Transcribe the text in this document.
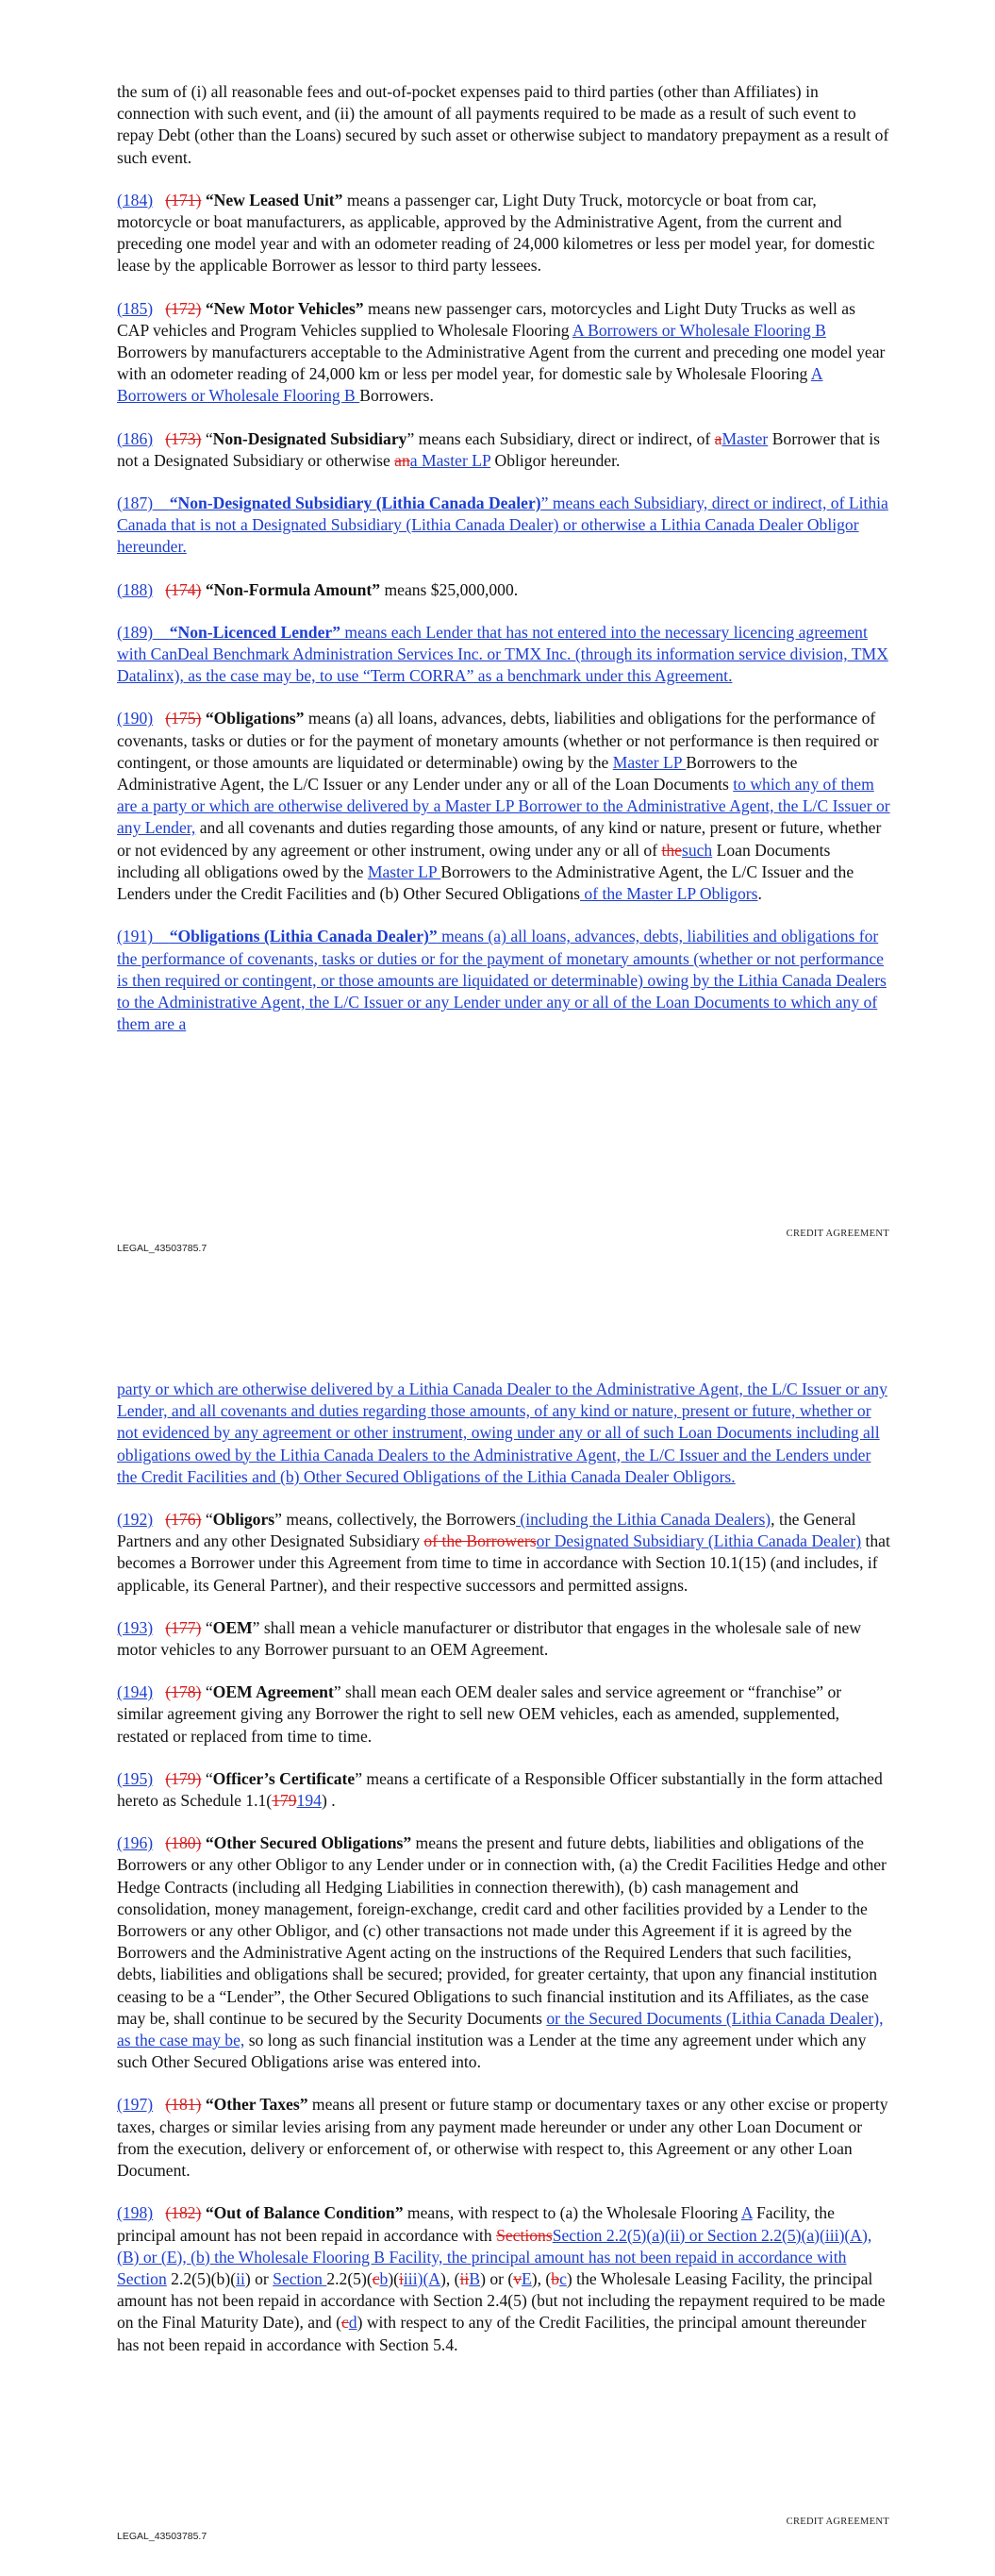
the sum of (i) all reasonable fees and out-of-pocket expenses paid to third parties (other than Affiliates) in connection with such event, and (ii) the amount of all payments required to be made as a result of such event to repay Debt (other than the Loans) secured by such asset or otherwise subject to mandatory prepayment as a result of such event.

(184) (171) “New Leased Unit” means a passenger car, Light Duty Truck, motorcycle or boat from car, motorcycle or boat manufacturers, as applicable, approved by the Administrative Agent, from the current and preceding one model year and with an odometer reading of 24,000 kilometres or less per model year, for domestic lease by the applicable Borrower as lessor to third party lessees.

(185) (172) “New Motor Vehicles” means new passenger cars, motorcycles and Light Duty Trucks as well as CAP vehicles and Program Vehicles supplied to Wholesale Flooring A Borrowers or Wholesale Flooring B Borrowers by manufacturers acceptable to the Administrative Agent from the current and preceding one model year with an odometer reading of 24,000 km or less per model year, for domestic sale by Wholesale Flooring A Borrowers or Wholesale Flooring B Borrowers.

(186) (173) “Non-Designated Subsidiary” means each Subsidiary, direct or indirect, of aMaster Borrower that is not a Designated Subsidiary or otherwise ana Master LP Obligor hereunder.

(187) “Non-Designated Subsidiary (Lithia Canada Dealer)” means each Subsidiary, direct or indirect, of Lithia Canada that is not a Designated Subsidiary (Lithia Canada Dealer) or otherwise a Lithia Canada Dealer Obligor hereunder.

(188) (174) “Non-Formula Amount” means $25,000,000.

(189) “Non-Licenced Lender” means each Lender that has not entered into the necessary licencing agreement with CanDeal Benchmark Administration Services Inc. or TMX Inc. (through its information service division, TMX Datalinx), as the case may be, to use “Term CORRA” as a benchmark under this Agreement.

(190) (175) “Obligations” means (a) all loans, advances, debts, liabilities and obligations for the performance of covenants, tasks or duties or for the payment of monetary amounts (whether or not performance is then required or contingent, or those amounts are liquidated or determinable) owing by the Master LP Borrowers to the Administrative Agent, the L/C Issuer or any Lender under any or all of the Loan Documents to which any of them are a party or which are otherwise delivered by a Master LP Borrower to the Administrative Agent, the L/C Issuer or any Lender, and all covenants and duties regarding those amounts, of any kind or nature, present or future, whether or not evidenced by any agreement or other instrument, owing under any or all of thesuch Loan Documents including all obligations owed by the Master LP Borrowers to the Administrative Agent, the L/C Issuer and the Lenders under the Credit Facilities and (b) Other Secured Obligations of the Master LP Obligors.

(191) “Obligations (Lithia Canada Dealer)” means (a) all loans, advances, debts, liabilities and obligations for the performance of covenants, tasks or duties or for the payment of monetary amounts (whether or not performance is then required or contingent, or those amounts are liquidated or determinable) owing by the Lithia Canada Dealers to the Administrative Agent, the L/C Issuer or any Lender under any or all of the Loan Documents to which any of them are a

CREDIT AGREEMENT
LEGAL_43503785.7

party or which are otherwise delivered by a Lithia Canada Dealer to the Administrative Agent, the L/C Issuer or any Lender, and all covenants and duties regarding those amounts, of any kind or nature, present or future, whether or not evidenced by any agreement or other instrument, owing under any or all of such Loan Documents including all obligations owed by the Lithia Canada Dealers to the Administrative Agent, the L/C Issuer and the Lenders under the Credit Facilities and (b) Other Secured Obligations of the Lithia Canada Dealer Obligors.

(192) (176) “Obligors” means, collectively, the Borrowers (including the Lithia Canada Dealers), the General Partners and any other Designated Subsidiary of the Borrowersor Designated Subsidiary (Lithia Canada Dealer) that becomes a Borrower under this Agreement from time to time in accordance with Section 10.1(15) (and includes, if applicable, its General Partner), and their respective successors and permitted assigns.

(193) (177) “OEM” shall mean a vehicle manufacturer or distributor that engages in the wholesale sale of new motor vehicles to any Borrower pursuant to an OEM Agreement.

(194) (178) “OEM Agreement” shall mean each OEM dealer sales and service agreement or “franchise” or similar agreement giving any Borrower the right to sell new OEM vehicles, each as amended, supplemented, restated or replaced from time to time.

(195) (179) “Officer’s Certificate” means a certificate of a Responsible Officer substantially in the form attached hereto as Schedule 1.1(179194) .

(196) (180) “Other Secured Obligations” means the present and future debts, liabilities and obligations of the Borrowers or any other Obligor to any Lender under or in connection with, (a) the Credit Facilities Hedge and other Hedge Contracts (including all Hedging Liabilities in connection therewith), (b) cash management and consolidation, money management, foreign-exchange, credit card and other facilities provided by a Lender to the Borrowers or any other Obligor, and (c) other transactions not made under this Agreement if it is agreed by the Borrowers and the Administrative Agent acting on the instructions of the Required Lenders that such facilities, debts, liabilities and obligations shall be secured; provided, for greater certainty, that upon any financial institution ceasing to be a “Lender”, the Other Secured Obligations to such financial institution and its Affiliates, as the case may be, shall continue to be secured by the Security Documents or the Secured Documents (Lithia Canada Dealer), as the case may be, so long as such financial institution was a Lender at the time any agreement under which any such Other Secured Obligations arise was entered into.

(197) (181) “Other Taxes” means all present or future stamp or documentary taxes or any other excise or property taxes, charges or similar levies arising from any payment made hereunder or under any other Loan Document or from the execution, delivery or enforcement of, or otherwise with respect to, this Agreement or any other Loan Document.

(198) (182) “Out of Balance Condition” means, with respect to (a) the Wholesale Flooring A Facility, the principal amount has not been repaid in accordance with SectionsSection 2.2(5)(a)(ii) or Section 2.2(5)(a)(iii)(A), (B) or (E), (b) the Wholesale Flooring B Facility, the principal amount has not been repaid in accordance with Section 2.2(5)(b)(ii) or Section 2.2(5)(cb)(iiii)(A), (iiB) or (vE), (bc) the Wholesale Leasing Facility, the principal amount has not been repaid in accordance with Section 2.4(5) (but not including the repayment required to be made on the Final Maturity Date), and (cd) with respect to any of the Credit Facilities, the principal amount thereunder has not been repaid in accordance with Section 5.4.

CREDIT AGREEMENT
LEGAL_43503785.7
